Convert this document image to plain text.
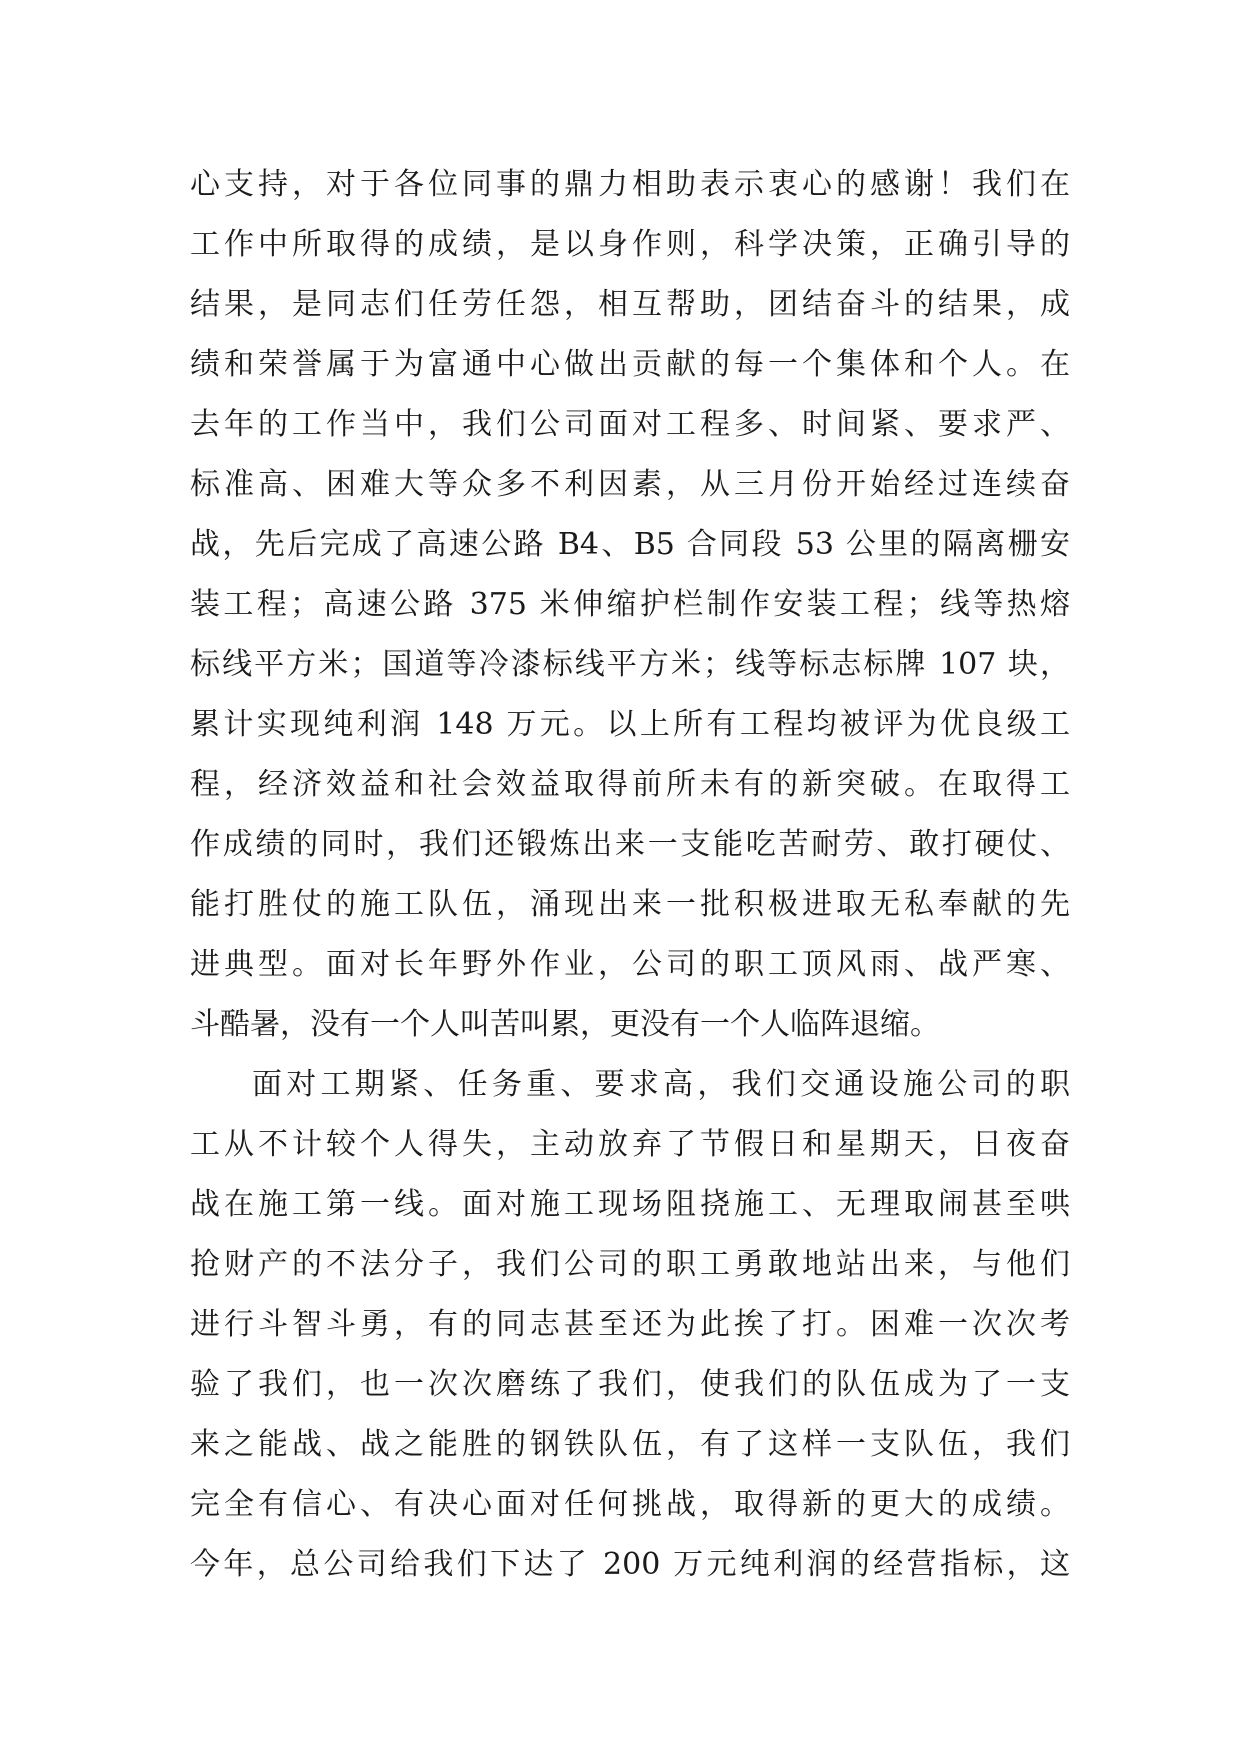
心支持，对于各位同事的鼎力相助表示衷心的感谢！我们在
工作中所取得的成绩，是以身作则，科学决策，正确引导的
结果，是同志们任劳任怨，相互帮助，团结奋斗的结果，成
绩和荣誉属于为富通中心做出贡献的每一个集体和个人。在
去年的工作当中，我们公司面对工程多、时间紧、要求严、
标准高、困难大等众多不利因素，从三月份开始经过连续奋
战，先后完成了高速公路 B4、B5 合同段 53 公里的隔离栅安
装工程；高速公路 375 米伸缩护栏制作安装工程；线等热熔
标线平方米；国道等冷漆标线平方米；线等标志标牌 107 块，
累计实现纯利润 148 万元。以上所有工程均被评为优良级工
程，经济效益和社会效益取得前所未有的新突破。在取得工
作成绩的同时，我们还锻炼出来一支能吃苦耐劳、敢打硬仗、
能打胜仗的施工队伍，涌现出来一批积极进取无私奉献的先
进典型。面对长年野外作业，公司的职工顶风雨、战严寒、
斗酷暑，没有一个人叫苦叫累，更没有一个人临阵退缩。
面对工期紧、任务重、要求高，我们交通设施公司的职
工从不计较个人得失，主动放弃了节假日和星期天，日夜奋
战在施工第一线。面对施工现场阻挠施工、无理取闹甚至哄
抢财产的不法分子，我们公司的职工勇敢地站出来，与他们
进行斗智斗勇，有的同志甚至还为此挨了打。困难一次次考
验了我们，也一次次磨练了我们，使我们的队伍成为了一支
来之能战、战之能胜的钢铁队伍，有了这样一支队伍，我们
完全有信心、有决心面对任何挑战，取得新的更大的成绩。
今年，总公司给我们下达了 200 万元纯利润的经营指标，这
